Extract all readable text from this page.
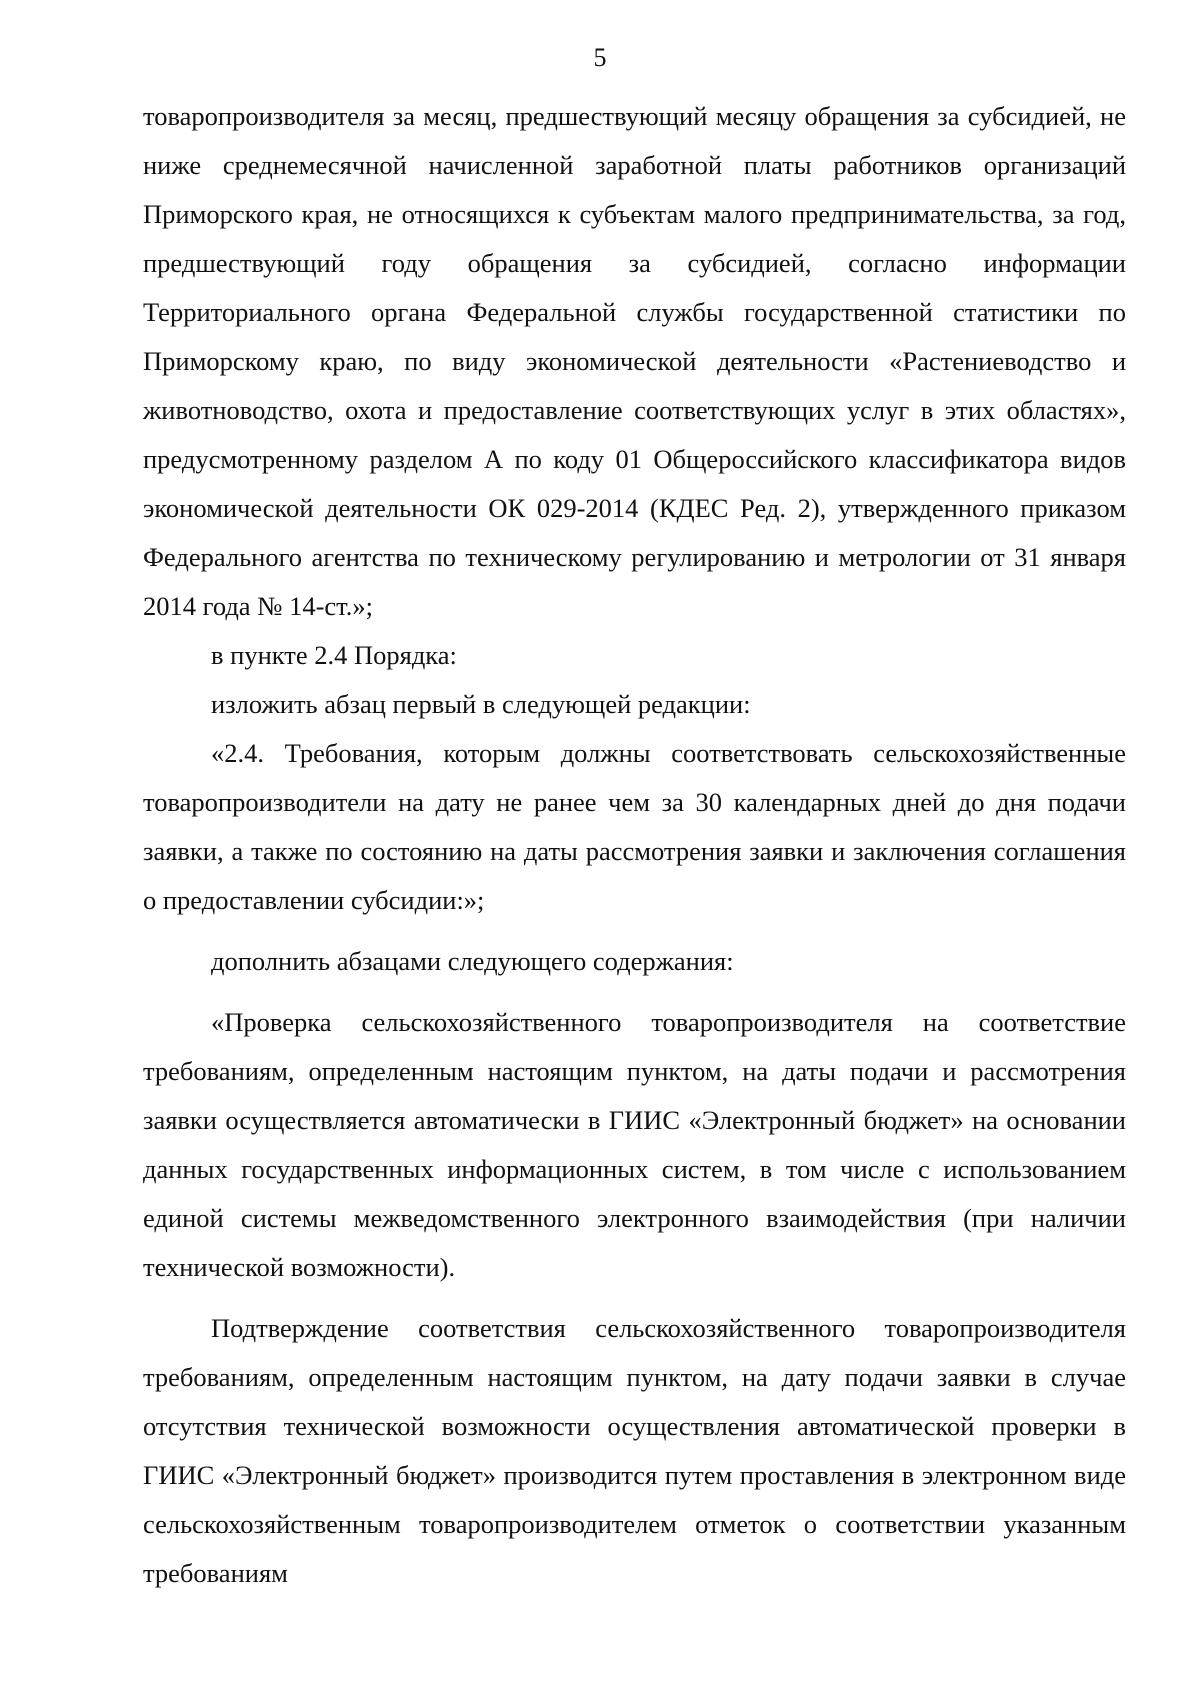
5

товаропроизводителя за месяц, предшествующий месяцу обращения за субсидией, не ниже среднемесячной начисленной заработной платы работников организаций Приморского края, не относящихся к субъектам малого предпринимательства, за год, предшествующий году обращения за субсидией, согласно информации Территориального органа Федеральной службы государственной статистики по Приморскому краю, по виду экономической деятельности «Растениеводство и животноводство, охота и предоставление соответствующих услуг в этих областях», предусмотренному разделом А по коду 01 Общероссийского классификатора видов экономической деятельности ОК 029-2014 (КДЕС Ред. 2), утвержденного приказом Федерального агентства по техническому регулированию и метрологии от 31 января 2014 года № 14-ст.»;

в пункте 2.4 Порядка:

изложить абзац первый в следующей редакции:

«2.4. Требования, которым должны соответствовать сельскохозяйственные товаропроизводители на дату не ранее чем за 30 календарных дней до дня подачи заявки, а также по состоянию на даты рассмотрения заявки и заключения соглашения о предоставлении субсидии:»;

дополнить абзацами следующего содержания:

«Проверка сельскохозяйственного товаропроизводителя на соответствие требованиям, определенным настоящим пунктом, на даты подачи и рассмотрения заявки осуществляется автоматически в ГИИС «Электронный бюджет» на основании данных государственных информационных систем, в том числе с использованием единой системы межведомственного электронного взаимодействия (при наличии технической возможности).

Подтверждение соответствия сельскохозяйственного товаропроизводителя требованиям, определенным настоящим пунктом, на дату подачи заявки в случае отсутствия технической возможности осуществления автоматической проверки в ГИИС «Электронный бюджет» производится путем проставления в электронном виде сельскохозяйственным товаропроизводителем отметок о соответствии указанным требованиям
